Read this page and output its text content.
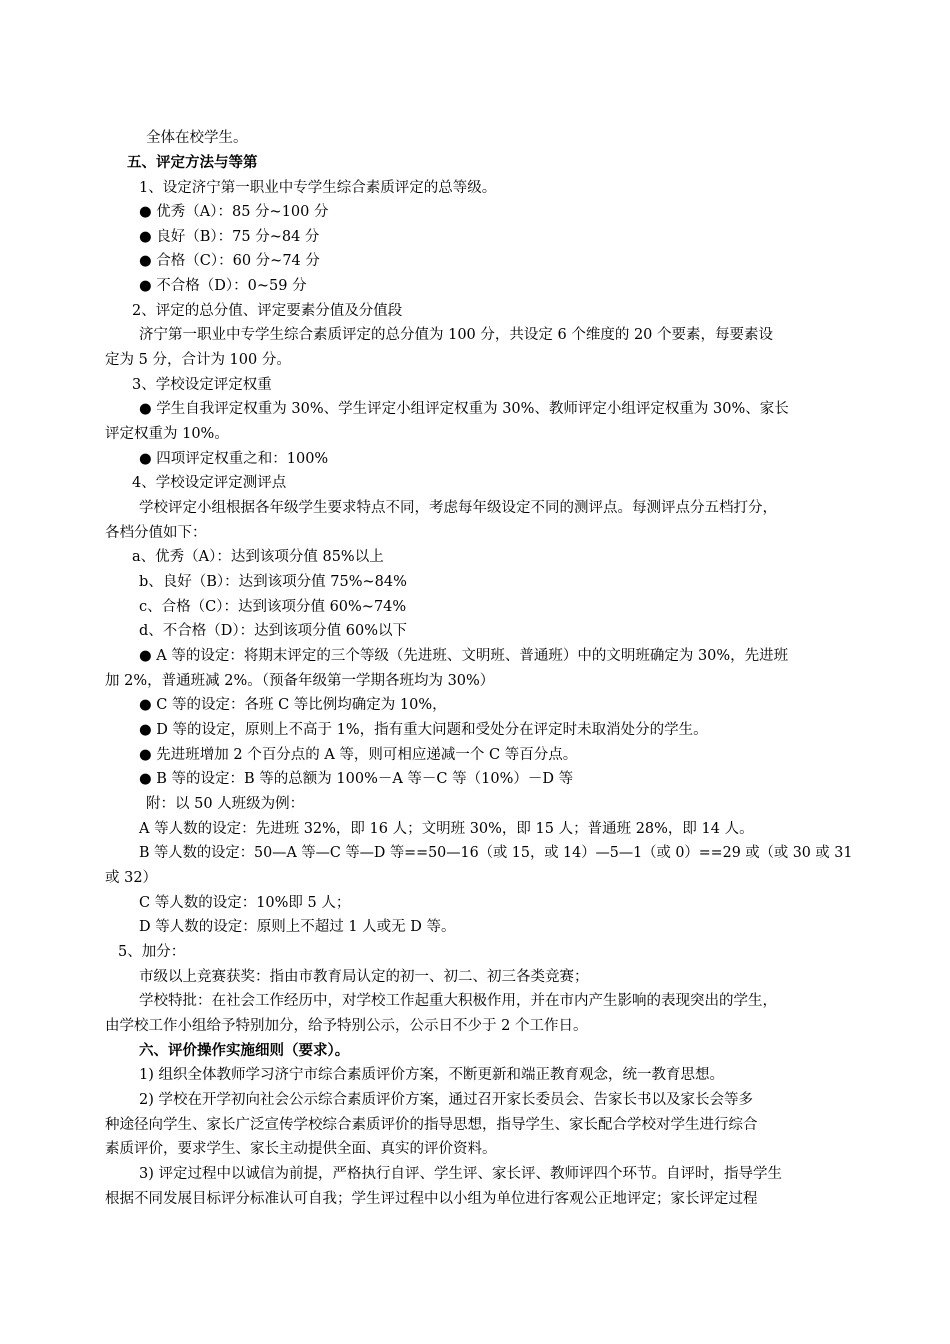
全体在校学生。
五、评定方法与等第
1、设定济宁第一职业中专学生综合素质评定的总等级。
● 优秀（A）：85 分~100 分
● 良好（B）：75 分~84 分
● 合格（C）：60 分~74 分
● 不合格（D）：0~59 分
2、评定的总分值、评定要素分值及分值段
济宁第一职业中专学生综合素质评定的总分值为 100 分，共设定 6 个维度的 20 个要素，每要素设
定为 5 分，合计为 100 分。
3、学校设定评定权重
● 学生自我评定权重为 30%、学生评定小组评定权重为 30%、教师评定小组评定权重为 30%、家长
评定权重为 10%。
● 四项评定权重之和：100%
4、学校设定评定测评点
学校评定小组根据各年级学生要求特点不同，考虑每年级设定不同的测评点。每测评点分五档打分，
各档分值如下：
a、优秀（A）：达到该项分值 85%以上
b、良好（B）：达到该项分值 75%~84%
c、合格（C）：达到该项分值 60%~74%
d、不合格（D）：达到该项分值 60%以下
● A 等的设定：将期末评定的三个等级（先进班、文明班、普通班）中的文明班确定为 30%，先进班
加 2%，普通班减 2%。（预备年级第一学期各班均为 30%）
● C 等的设定：各班 C 等比例均确定为 10%，
● D 等的设定，原则上不高于 1%，指有重大问题和受处分在评定时未取消处分的学生。
● 先进班增加 2 个百分点的 A 等，则可相应递减一个 C 等百分点。
● B 等的设定：B 等的总额为 100%－A 等－C 等（10%）－D 等
附：以 50 人班级为例：
A 等人数的设定：先进班 32%，即 16 人；文明班 30%，即 15 人；普通班 28%，即 14 人。
B 等人数的设定：50—A 等—C 等—D 等==50—16（或 15，或 14）—5—1（或 0）==29 或（或 30 或 31
或 32）
C 等人数的设定：10%即 5 人；
D 等人数的设定：原则上不超过 1 人或无 D 等。
5、加分：
市级以上竞赛获奖：指由市教育局认定的初一、初二、初三各类竞赛；
学校特批：在社会工作经历中，对学校工作起重大积极作用，并在市内产生影响的表现突出的学生，
由学校工作小组给予特别加分，给予特别公示，公示日不少于 2 个工作日。
六、评价操作实施细则（要求）。
1) 组织全体教师学习济宁市综合素质评价方案，不断更新和端正教育观念，统一教育思想。
2) 学校在开学初向社会公示综合素质评价方案，通过召开家长委员会、告家长书以及家长会等多
种途径向学生、家长广泛宣传学校综合素质评价的指导思想，指导学生、家长配合学校对学生进行综合
素质评价，要求学生、家长主动提供全面、真实的评价资料。
3) 评定过程中以诚信为前提，严格执行自评、学生评、家长评、教师评四个环节。自评时，指导学生
根据不同发展目标评分标准认可自我；学生评过程中以小组为单位进行客观公正地评定；家长评定过程
